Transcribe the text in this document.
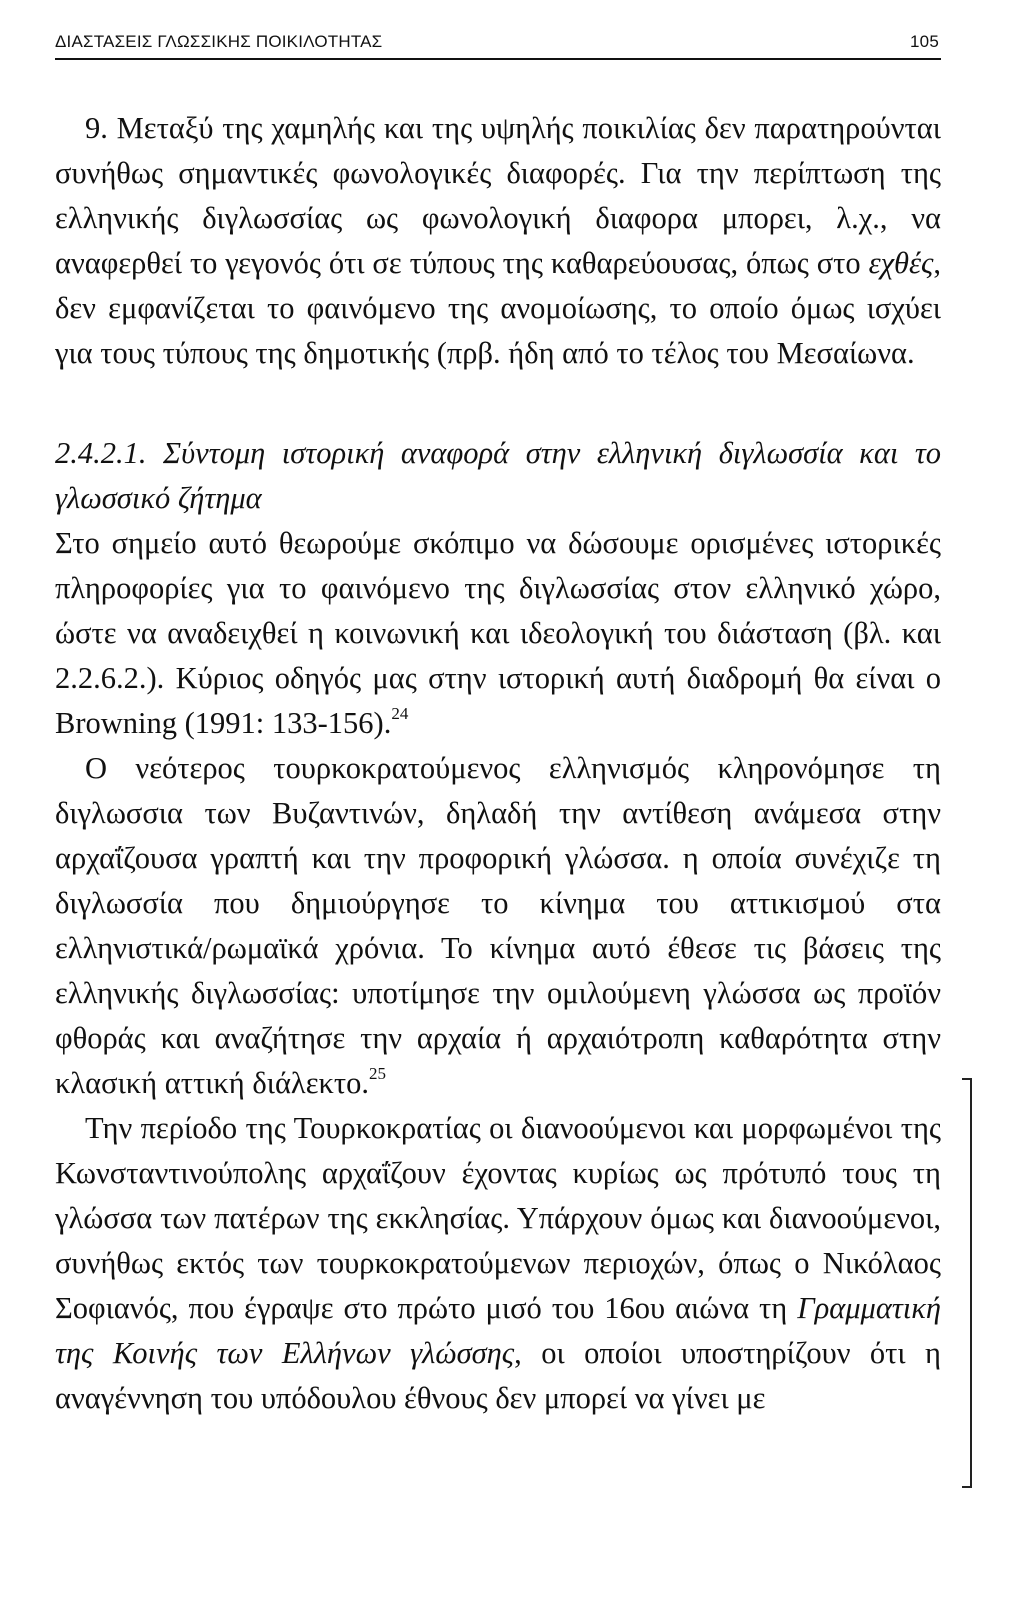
ΔΙΑΣΤΑΣΕΙΣ ΓΛΩΣΣΙΚΗΣ ΠΟΙΚΙΛΟΤΗΤΑΣ	105

9. Μεταξύ της χαμηλής και της υψηλής ποικιλίας δεν παρατηρούνται συνήθως σημαντικές φωνολογικές διαφορές. Για την περίπτωση της ελληνικής διγλωσσίας ως φωνολογική διαφορα μπορει, λ.χ., να αναφερθεί το γεγονός ότι σε τύπους της καθαρεύουσας, όπως στο εχθές, δεν εμφανίζεται το φαινόμενο της ανομοίωσης, το οποίο όμως ισχύει για τους τύπους της δημοτικής (πρβ. ήδη από το τέλος του Μεσαίωνα.

2.4.2.1. Σύντομη ιστορική αναφορά στην ελληνική διγλωσσία και το γλωσσικό ζήτημα

Στο σημείο αυτό θεωρούμε σκόπιμο να δώσουμε ορισμένες ιστορικές πληροφορίες για το φαινόμενο της διγλωσσίας στον ελληνικό χώρο, ώστε να αναδειχθεί η κοινωνική και ιδεολογική του διάσταση (βλ. και 2.2.6.2.). Κύριος οδηγός μας στην ιστορική αυτή διαδρομή θα είναι ο Browning (1991: 133-156).$^{24}$

Ο νεότερος τουρκοκρατούμενος ελληνισμός κληρονόμησε τη διγλωσσια των Βυζαντινών, δηλαδή την αντίθεση ανάμεσα στην αρχαΐζουσα γραπτή και την προφορική γλώσσα. η οποία συνέχιζε τη διγλωσσία που δημιούργησε το κίνημα του αττικισμού στα ελληνιστικά/ρωμαϊκά χρόνια. Το κίνημα αυτό έθεσε τις βάσεις της ελληνικής διγλωσσίας: υποτίμησε την ομιλούμενη γλώσσα ως προϊόν φθοράς και αναζήτησε την αρχαία ή αρχαιότροπη καθαρότητα στην κλασική αττική διάλεκτο.$^{25}$

Την περίοδο της Τουρκοκρατίας οι διανοούμενοι και μορφωμένοι της Κωνσταντινούπολης αρχαΐζουν έχοντας κυρίως ως πρότυπό τους τη γλώσσα των πατέρων της εκκλησίας. Υπάρχουν όμως και διανοούμενοι, συνήθως εκτός των τουρκοκρατούμενων περιοχών, όπως ο Νικόλαος Σοφιανός, που έγραψε στο πρώτο μισό του 16ου αιώνα τη Γραμματική της Κοινής των Ελλήνων γλώσσης, οι οποίοι υποστηρίζουν ότι η αναγέννηση του υπόδουλου έθνους δεν μπορεί να γίνει με
